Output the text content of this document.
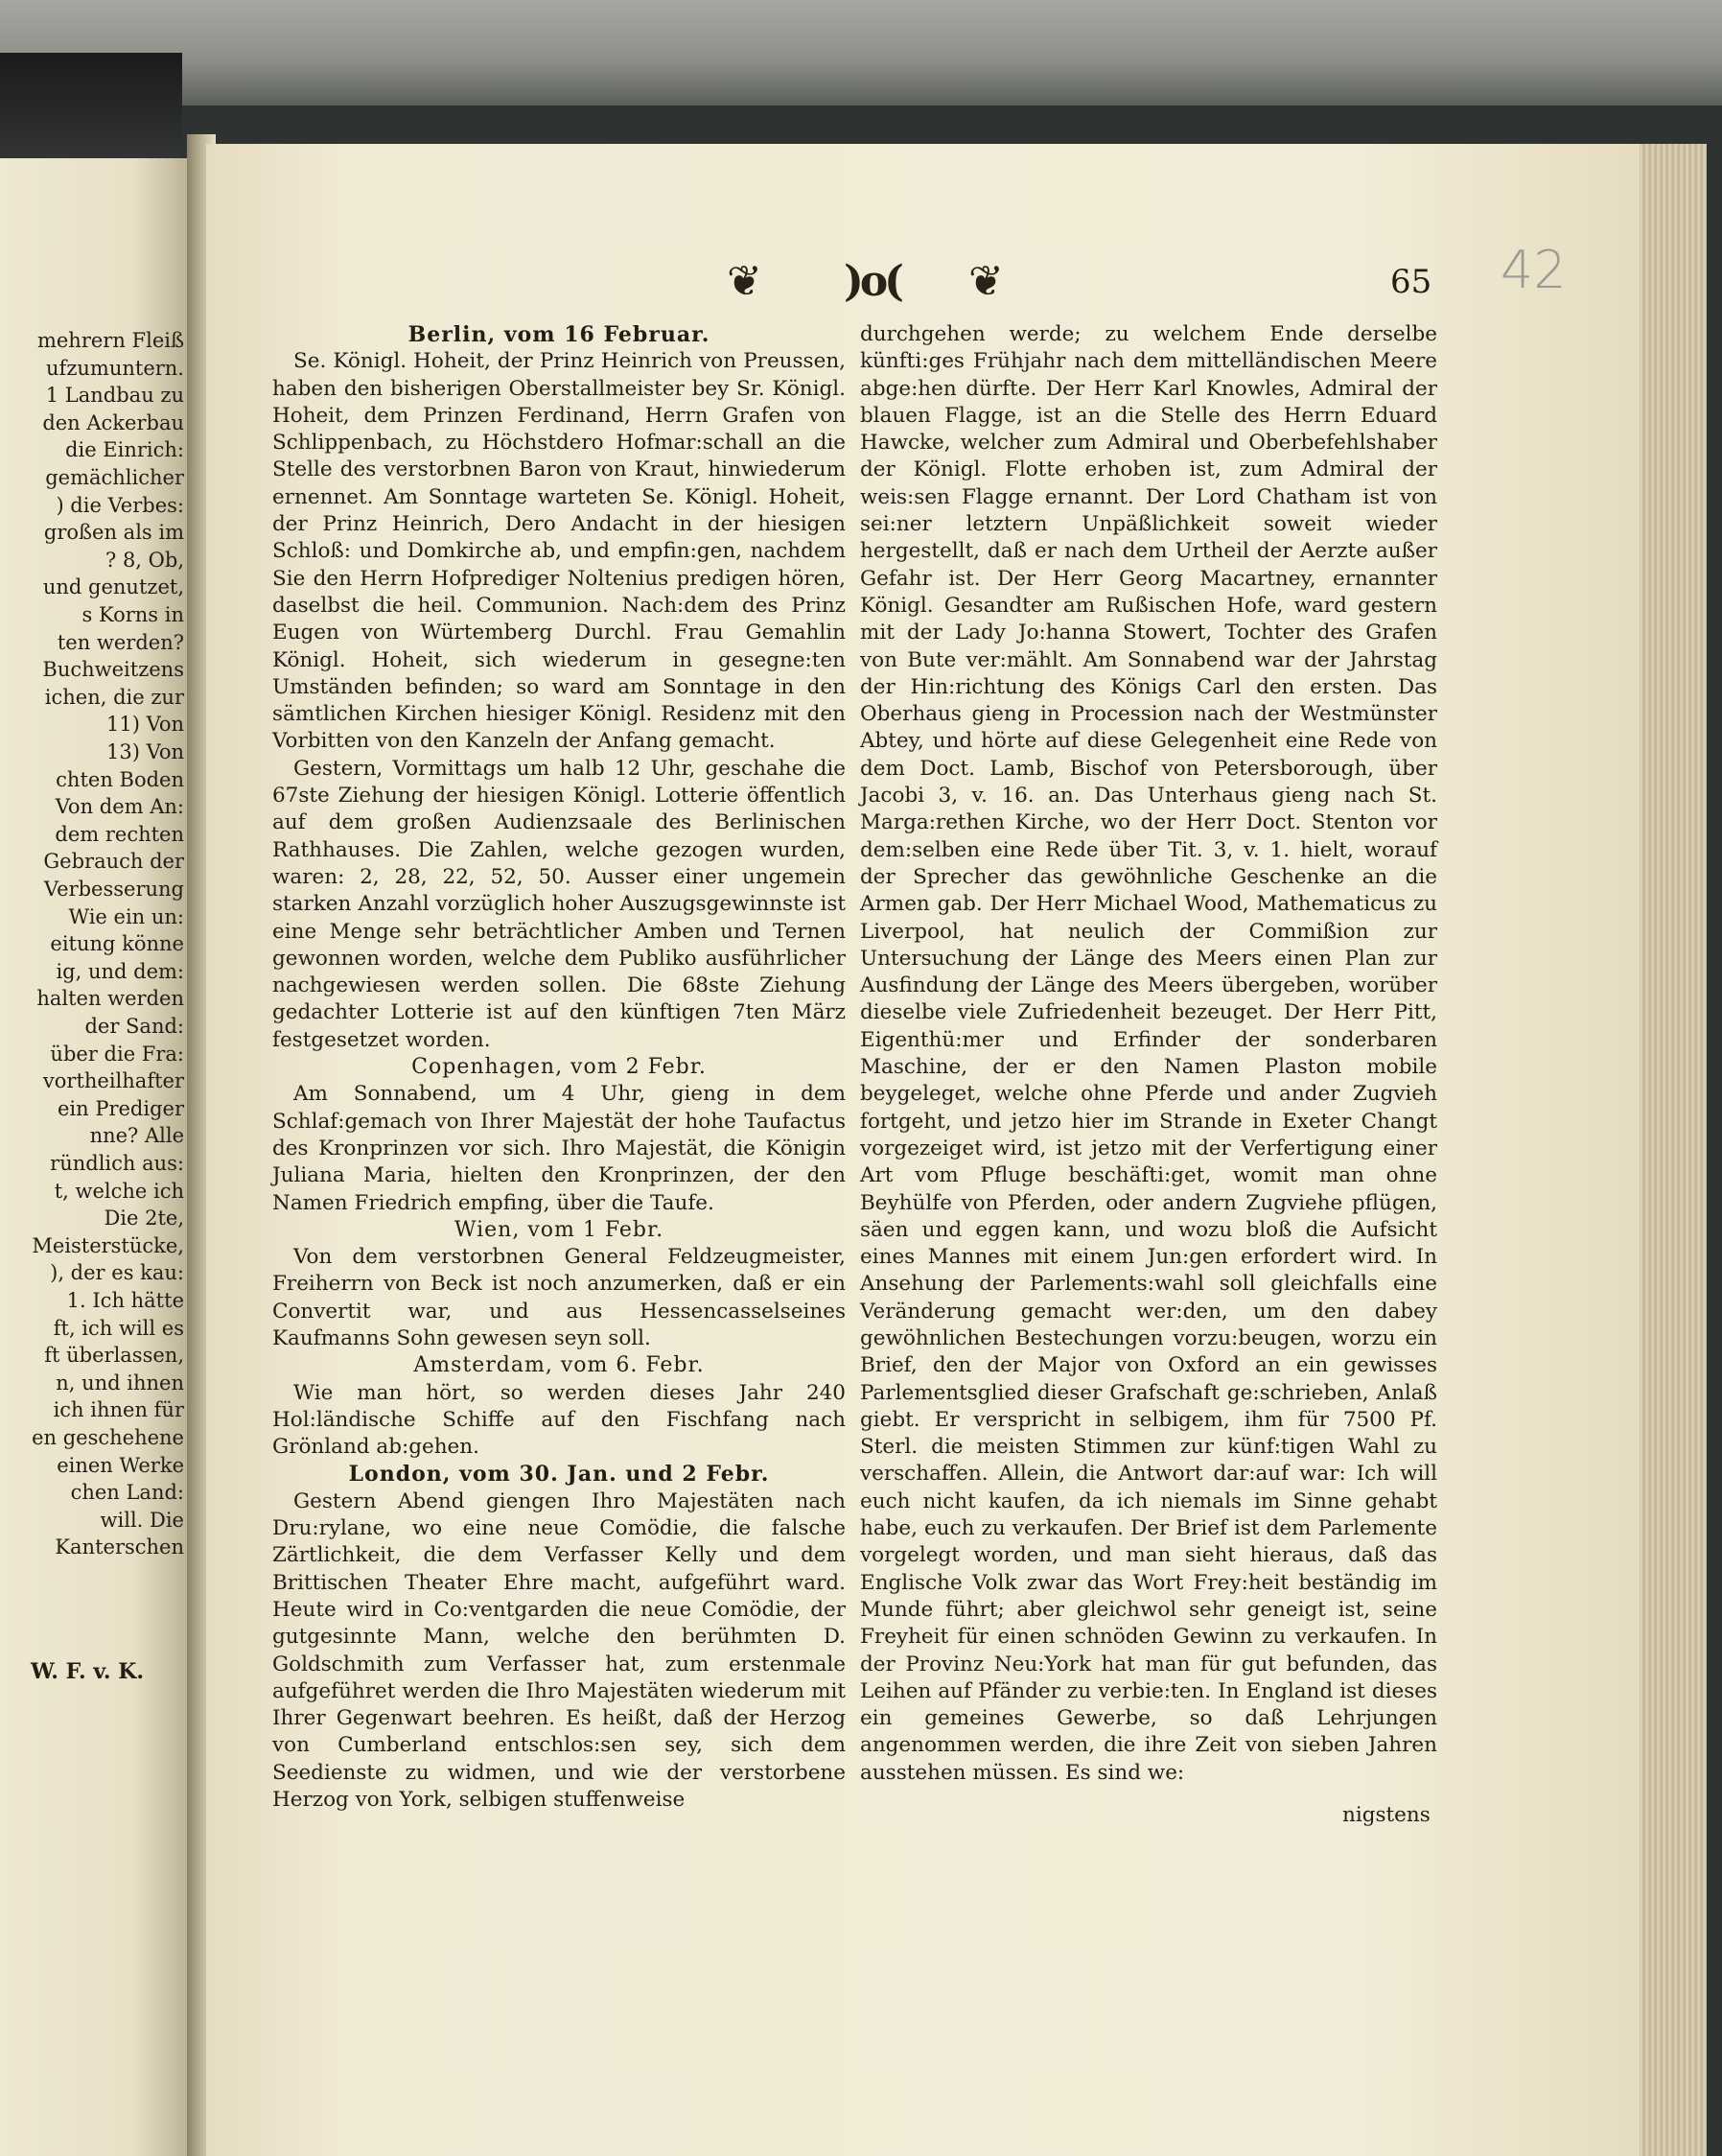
mehrern Fleiß
ufzumuntern.
1 Landbau zu
den Ackerbau
die Einrich:
gemächlicher
) die Verbes:
großen als im
? 8, Ob,
und genutzet,
s Korns in
ten werden?
Buchweitzens
ichen, die zur
11) Von
13) Von
chten Boden
Von dem An:
dem rechten
Gebrauch der
Verbesserung
Wie ein un:
eitung könne
ig, und dem:
halten werden
der Sand:
über die Fra:
vortheilhafter
ein Prediger
nne? Alle
ründlich aus:
t, welche ich
Die 2te,
Meisterstücke,
), der es kau:
1. Ich hätte
ft, ich will es
ft überlassen,
n, und ihnen
ich ihnen für
en geschehene
einen Werke
chen Land:
will. Die
Kanterschen
W. F. v. K.
❦ )o( ❦	65 42

Berlin, vom 16 Februar.

Se. Königl. Hoheit, der Prinz Heinrich von Preussen, haben den bisherigen Oberstallmeister bey Sr. Königl. Hoheit, dem Prinzen Ferdinand, Herrn Grafen von Schlippenbach, zu Höchstdero Hofmar:schall an die Stelle des verstorbnen Baron von Kraut, hinwiederum ernennet. Am Sonntage warteten Se. Königl. Hoheit, der Prinz Heinrich, Dero Andacht in der hiesigen Schloß: und Domkirche ab, und empfin:gen, nachdem Sie den Herrn Hofprediger Noltenius predigen hören, daselbst die heil. Communion. Nach:dem des Prinz Eugen von Würtemberg Durchl. Frau Gemahlin Königl. Hoheit, sich wiederum in gesegne:ten Umständen befinden; so ward am Sonntage in den sämtlichen Kirchen hiesiger Königl. Residenz mit den Vorbitten von den Kanzeln der Anfang gemacht.

Gestern, Vormittags um halb 12 Uhr, geschahe die 67ste Ziehung der hiesigen Königl. Lotterie öffentlich auf dem großen Audienzsaale des Berlinischen Rathhauses. Die Zahlen, welche gezogen wurden, waren: 2, 28, 22, 52, 50. Ausser einer ungemein starken Anzahl vorzüglich hoher Auszugsgewinnste ist eine Menge sehr beträchtlicher Amben und Ternen gewonnen worden, welche dem Publiko ausführlicher nachgewiesen werden sollen. Die 68ste Ziehung gedachter Lotterie ist auf den künftigen 7ten März festgesetzet worden.

Copenhagen, vom 2 Febr.

Am Sonnabend, um 4 Uhr, gieng in dem Schlaf:gemach von Ihrer Majestät der hohe Taufactus des Kronprinzen vor sich. Ihro Majestät, die Königin Juliana Maria, hielten den Kronprinzen, der den Namen Friedrich empfing, über die Taufe.

Wien, vom 1 Febr.

Von dem verstorbnen General Feldzeugmeister, Freiherrn von Beck ist noch anzumerken, daß er ein Convertit war, und aus Hessencasselseines Kaufmanns Sohn gewesen seyn soll.

Amsterdam, vom 6. Febr.

Wie man hört, so werden dieses Jahr 240 Hol:ländische Schiffe auf den Fischfang nach Grönland ab:gehen.

London, vom 30. Jan. und 2 Febr.

Gestern Abend giengen Ihro Majestäten nach Dru:rylane, wo eine neue Comödie, die falsche Zärtlichkeit, die dem Verfasser Kelly und dem Brittischen Theater Ehre macht, aufgeführt ward. Heute wird in Co:ventgarden die neue Comödie, der gutgesinnte Mann, welche den berühmten D. Goldschmith zum Verfasser hat, zum erstenmale aufgeführet werden die Ihro Majestäten wiederum mit Ihrer Gegenwart beehren. Es heißt, daß der Herzog von Cumberland entschlos:sen sey, sich dem Seedienste zu widmen, und wie der verstorbene Herzog von York, selbigen stuffenweise

durchgehen werde; zu welchem Ende derselbe künfti:ges Frühjahr nach dem mittelländischen Meere abge:hen dürfte. Der Herr Karl Knowles, Admiral der blauen Flagge, ist an die Stelle des Herrn Eduard Hawcke, welcher zum Admiral und Oberbefehlshaber der Königl. Flotte erhoben ist, zum Admiral der weis:sen Flagge ernannt. Der Lord Chatham ist von sei:ner letztern Unpäßlichkeit soweit wieder hergestellt, daß er nach dem Urtheil der Aerzte außer Gefahr ist. Der Herr Georg Macartney, ernannter Königl. Gesandter am Rußischen Hofe, ward gestern mit der Lady Jo:hanna Stowert, Tochter des Grafen von Bute ver:mählt. Am Sonnabend war der Jahrstag der Hin:richtung des Königs Carl den ersten. Das Oberhaus gieng in Procession nach der Westmünster Abtey, und hörte auf diese Gelegenheit eine Rede von dem Doct. Lamb, Bischof von Petersborough, über Jacobi 3, v. 16. an. Das Unterhaus gieng nach St. Marga:rethen Kirche, wo der Herr Doct. Stenton vor dem:selben eine Rede über Tit. 3, v. 1. hielt, worauf der Sprecher das gewöhnliche Geschenke an die Armen gab. Der Herr Michael Wood, Mathematicus zu Liverpool, hat neulich der Commißion zur Untersuchung der Länge des Meers einen Plan zur Ausfindung der Länge des Meers übergeben, worüber dieselbe viele Zufriedenheit bezeuget. Der Herr Pitt, Eigenthü:mer und Erfinder der sonderbaren Maschine, der er den Namen Plaston mobile beygeleget, welche ohne Pferde und ander Zugvieh fortgeht, und jetzo hier im Strande in Exeter Changt vorgezeiget wird, ist jetzo mit der Verfertigung einer Art vom Pfluge beschäfti:get, womit man ohne Beyhülfe von Pferden, oder andern Zugviehe pflügen, säen und eggen kann, und wozu bloß die Aufsicht eines Mannes mit einem Jun:gen erfordert wird. In Ansehung der Parlements:wahl soll gleichfalls eine Veränderung gemacht wer:den, um den dabey gewöhnlichen Bestechungen vorzu:beugen, worzu ein Brief, den der Major von Oxford an ein gewisses Parlementsglied dieser Grafschaft ge:schrieben, Anlaß giebt. Er verspricht in selbigem, ihm für 7500 Pf. Sterl. die meisten Stimmen zur künf:tigen Wahl zu verschaffen. Allein, die Antwort dar:auf war: Ich will euch nicht kaufen, da ich niemals im Sinne gehabt habe, euch zu verkaufen. Der Brief ist dem Parlemente vorgelegt worden, und man sieht hieraus, daß das Englische Volk zwar das Wort Frey:heit beständig im Munde führt; aber gleichwol sehr geneigt ist, seine Freyheit für einen schnöden Gewinn zu verkaufen. In der Provinz Neu:York hat man für gut befunden, das Leihen auf Pfänder zu verbie:ten. In England ist dieses ein gemeines Gewerbe, so daß Lehrjungen angenommen werden, die ihre Zeit von sieben Jahren ausstehen müssen. Es sind we:

nigstens
